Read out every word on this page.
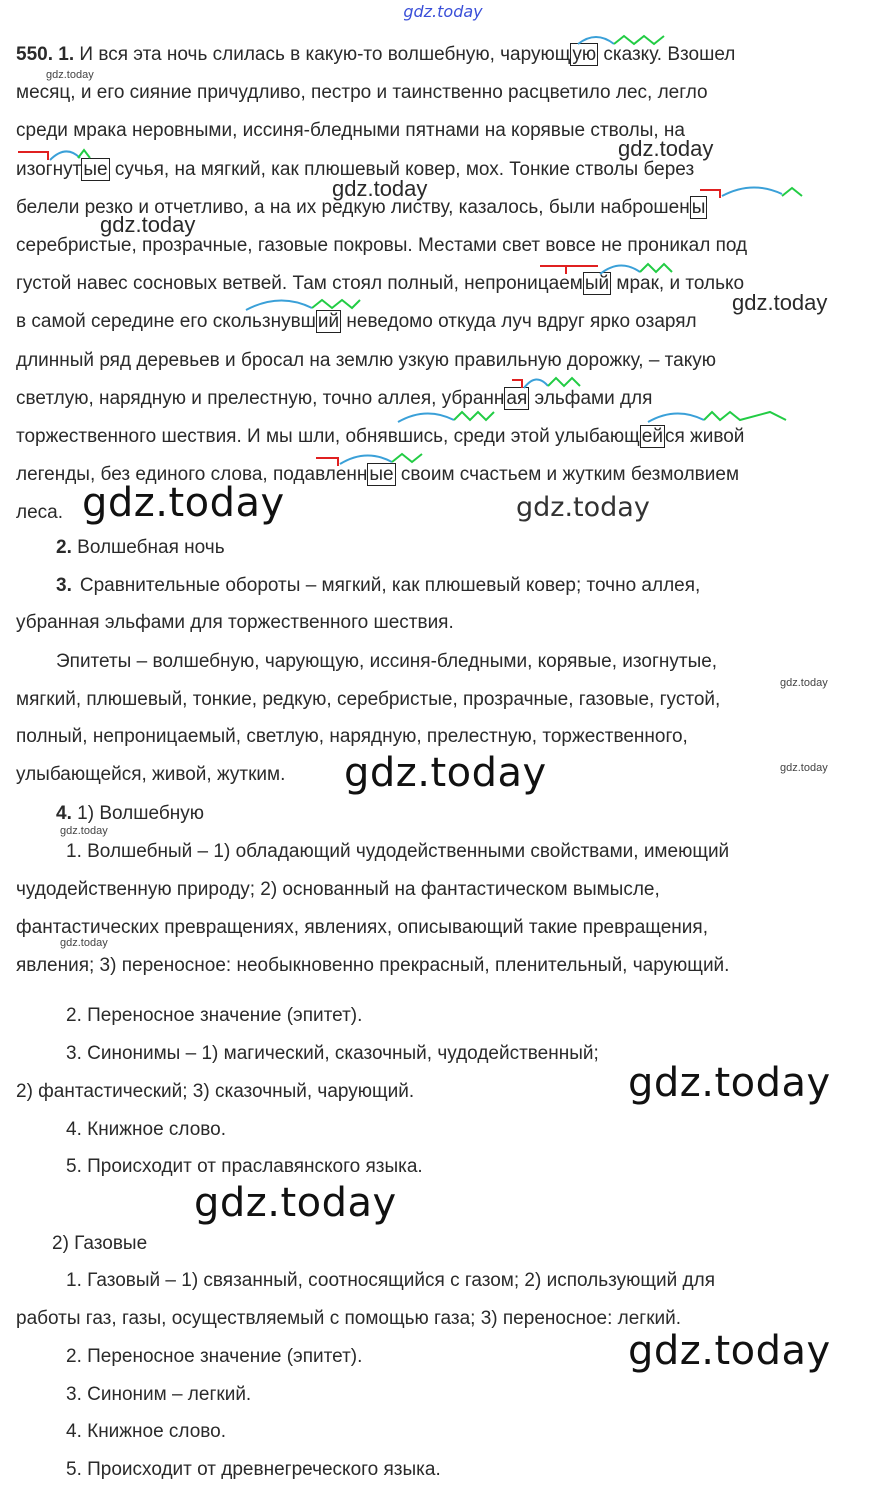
gdz.today
550. 1. И вся эта ночь слилась в какую-то волшебную, чарующ ую сказку. Взошел
месяц, и его сияние причудливо, пестро и таинственно расцветило лес, легло
среди мрака неровными, иссиня-бледными пятнами на корявые стволы, на
изогнут ые сучья, на мягкий, как плюшевый ковер, мох. Тонкие стволы берез
белели резко и отчетливо, а на их редкую листву, казалось, были наброшен ы
серебристые, прозрачные, газовые покровы. Местами свет вовсе не проникал под
густой навес сосновых ветвей. Там стоял полный, непроницаем ый мрак, и только
в самой середине его скользнувш ий неведомо откуда луч вдруг ярко озарял
длинный ряд деревьев и бросал на землю узкую правильную дорожку, – такую
светлую, нарядную и прелестную, точно аллея, убранн ая эльфами для
торжественного шествия. И мы шли, обнявшись, среди этой улыбающ ей ся живой
легенды, без единого слова, подавленн ые своим счастьем и жутким безмолвием
леса.
2. Волшебная ночь
3. Сравнительные обороты – мягкий, как плюшевый ковер; точно аллея,
убранная эльфами для торжественного шествия.
Эпитеты – волшебную, чарующую, иссиня-бледными, корявые, изогнутые,
мягкий, плюшевый, тонкие, редкую, серебристые, прозрачные, газовые, густой,
полный, непроницаемый, светлую, нарядную, прелестную, торжественного,
улыбающейся, живой, жутким.
4. 1) Волшебную
1. Волшебный – 1) обладающий чудодейственными свойствами, имеющий
чудодейственную природу; 2) основанный на фантастическом вымысле,
фантастических превращениях, явлениях, описывающий такие превращения,
явления; 3) переносное: необыкновенно прекрасный, пленительный, чарующий.
2. Переносное значение (эпитет).
3. Синонимы – 1) магический, сказочный, чудодейственный;
2) фантастический; 3) сказочный, чарующий.
4. Книжное слово.
5. Происходит от праславянского языка.
2) Газовые
1. Газовый – 1) связанный, соотносящийся с газом; 2) использующий для
работы газ, газы, осуществляемый с помощью газа; 3) переносное: легкий.
2. Переносное значение (эпитет).
3. Синоним – легкий.
4. Книжное слово.
5. Происходит от древнегреческого языка.
gdz.today
gdz.today
gdz.today
gdz.today
gdz.today
gdz.today	gdz.today
gdz.today
gdz.today	gdz.today
gdz.today
gdz.today
gdz.today
gdz.today
gdz.today
